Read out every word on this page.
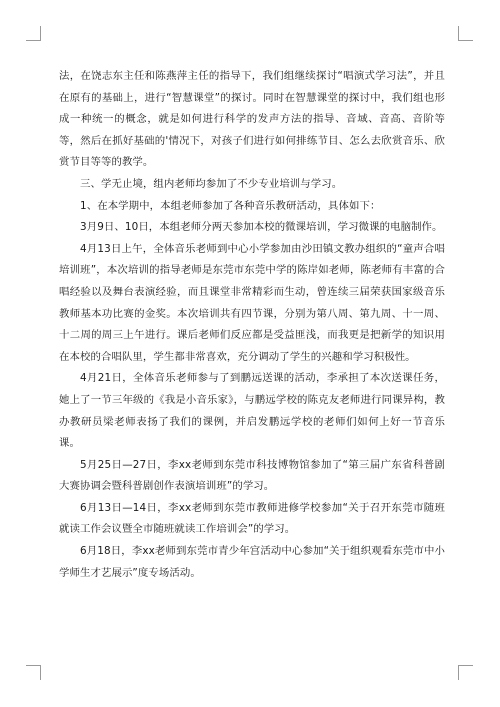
法，在饶志东主任和陈燕萍主任的指导下，我们组继续探讨“唱演式学习法”，并且在原有的基础上，进行“智慧课堂”的探讨。同时在智慧课堂的探讨中，我们组也形成一种统一的概念，就是如何进行科学的发声方法的指导、音域、音高、音阶等等，然后在抓好基础的'情况下，对孩子们进行如何排练节目、怎么去欣赏音乐、欣赏节目等等的教学。

三、学无止境，组内老师均参加了不少专业培训与学习。

1、在本学期中，本组老师参加了各种音乐教研活动，具体如下：

3月9日、10日，本组老师分两天参加本校的微课培训，学习微课的电脑制作。

4月13日上午，全体音乐老师到中心小学参加由沙田镇文教办组织的“童声合唱培训班”，本次培训的指导老师是东莞市东莞中学的陈岸如老师，陈老师有丰富的合唱经验以及舞台表演经验，而且课堂非常精彩而生动，曾连续三届荣获国家级音乐教师基本功比赛的金奖。本次培训共有四节课，分别为第八周、第九周、十一周、十二周的周三上午进行。课后老师们反应都是受益匪浅，而我更是把新学的知识用在本校的合唱队里，学生都非常喜欢，充分调动了学生的兴趣和学习积极性。

4月21日，全体音乐老师参与了到鹏远送课的活动，李承担了本次送课任务，她上了一节三年级的《我是小音乐家》，与鹏远学校的陈克友老师进行同课异构，教办教研员梁老师表扬了我们的课例，并启发鹏远学校的老师们如何上好一节音乐课。

5月25日—27日，李xx老师到东莞市科技博物馆参加了“第三届广东省科普剧大赛协调会暨科普剧创作表演培训班”的学习。

6月13日—14日，李xx老师到东莞市教师进修学校参加“关于召开东莞市随班就读工作会议暨全市随班就读工作培训会”的学习。

6月18日，李xx老师到东莞市青少年宫活动中心参加“关于组织观看东莞市中小学师生才艺展示”度专场活动。
